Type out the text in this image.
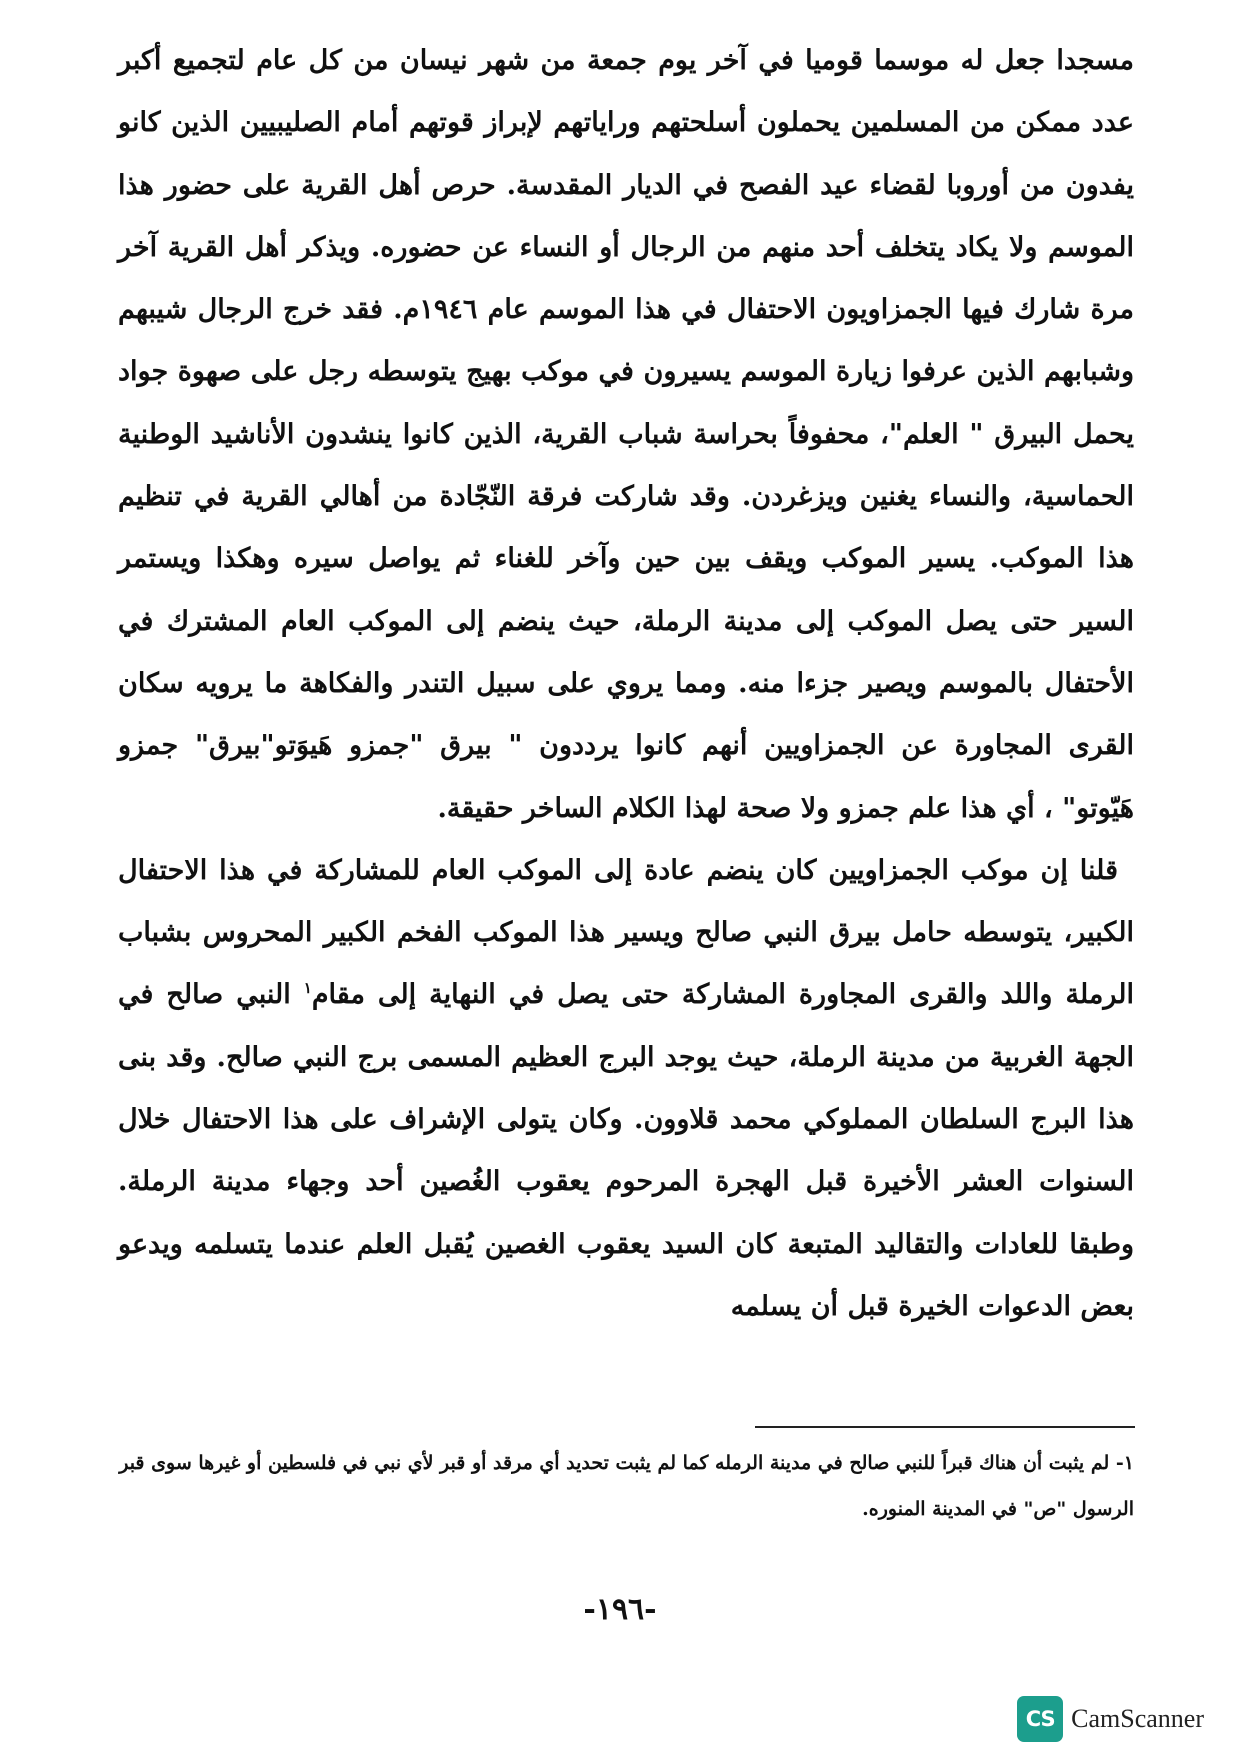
مسجدا جعل له موسما قوميا في آخر يوم جمعة من شهر نيسان من كل عام لتجميع أكبر عدد ممكن من المسلمين يحملون أسلحتهم وراياتهم لإبراز قوتهم أمام الصليبيين الذين كانو يفدون من أوروبا لقضاء عيد الفصح في الديار المقدسة. حرص أهل القرية على حضور هذا الموسم ولا يكاد يتخلف أحد منهم من الرجال أو النساء عن حضوره. ويذكر أهل القرية آخر مرة شارك فيها الجمزاويون الاحتفال في هذا الموسم عام ١٩٤٦م. فقد خرج الرجال شيبهم وشبابهم الذين عرفوا زيارة الموسم يسيرون في موكب بهيج يتوسطه رجل على صهوة جواد يحمل البيرق " العلم"، محفوفاً بحراسة شباب القرية، الذين كانوا ينشدون الأناشيد الوطنية الحماسية، والنساء يغنين ويزغردن. وقد شاركت فرقة النّجّادة من أهالي القرية في تنظيم هذا الموكب. يسير الموكب ويقف بين حين وآخر للغناء ثم يواصل سيره وهكذا ويستمر السير حتى يصل الموكب إلى مدينة الرملة، حيث ينضم إلى الموكب العام المشترك في الأحتفال بالموسم ويصير جزءا منه. ومما يروي على سبيل التندر والفكاهة ما يرويه سكان القرى المجاورة عن الجمزاويين أنهم كانوا يرددون " بيرق "جمزو هَيوَتو"بيرق" جمزو هَيّوتو" ، أي هذا علم جمزو ولا صحة لهذا الكلام الساخر حقيقة.

قلنا إن موكب الجمزاويين كان ينضم عادة إلى الموكب العام للمشاركة في هذا الاحتفال الكبير، يتوسطه حامل بيرق النبي صالح ويسير هذا الموكب الفخم الكبير المحروس بشباب الرملة واللد والقرى المجاورة المشاركة حتى يصل في النهاية إلى مقام$^١$ النبي صالح في الجهة الغربية من مدينة الرملة، حيث يوجد البرج العظيم المسمى برج النبي صالح. وقد بنى هذا البرج السلطان المملوكي محمد قلاوون. وكان يتولى الإشراف على هذا الاحتفال خلال السنوات العشر الأخيرة قبل الهجرة المرحوم يعقوب الغُصين أحد وجهاء مدينة الرملة. وطبقا للعادات والتقاليد المتبعة كان السيد يعقوب الغصين يُقبل العلم عندما يتسلمه ويدعو بعض الدعوات الخيرة قبل أن يسلمه

١- لم يثبت أن هناك قبراً للنبي صالح في مدينة الرمله كما لم يثبت تحديد أي مرقد أو قبر لأي نبي في فلسطين أو غيرها سوى قبر الرسول "ص" في المدينة المنوره.

-١٩٦-
CS CamScanner
